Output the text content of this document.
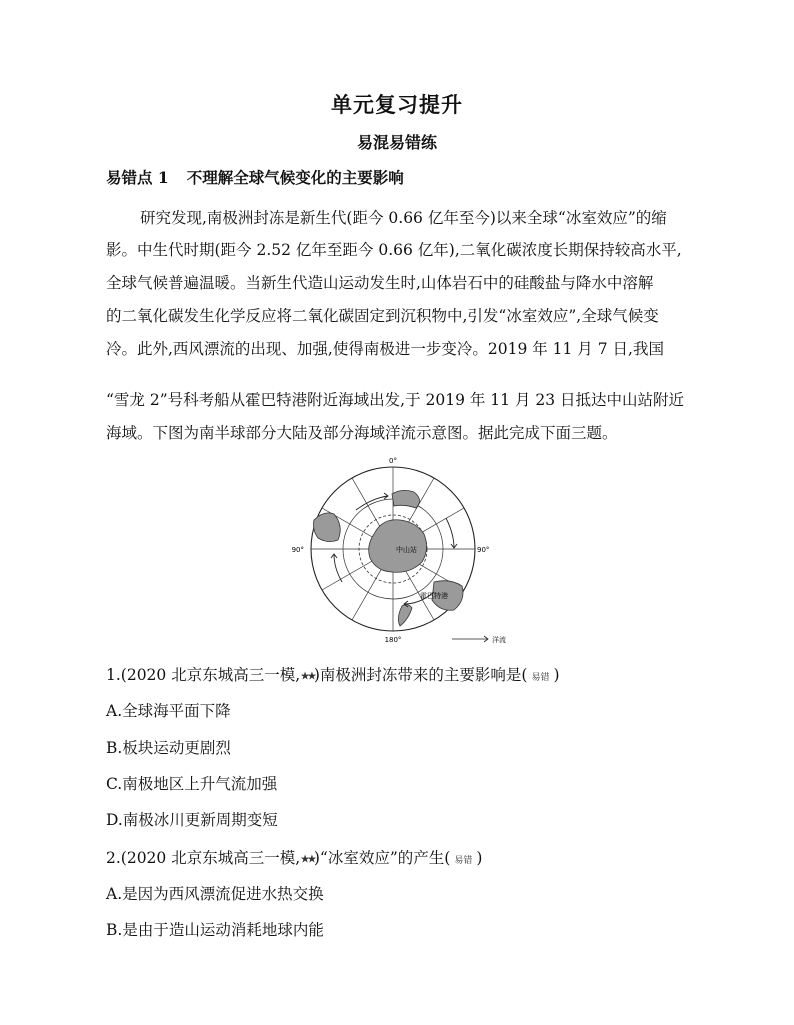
单元复习提升
易混易错练
易错点 1 不理解全球气候变化的主要影响
研究发现,南极洲封冻是新生代(距今 0.66 亿年至今)以来全球“冰室效应”的缩
影。中生代时期(距今 2.52 亿年至距今 0.66 亿年),二氧化碳浓度长期保持较高水平,
全球气候普遍温暖。当新生代造山运动发生时,山体岩石中的硅酸盐与降水中溶解
的二氧化碳发生化学反应将二氧化碳固定到沉积物中,引发“冰室效应”,全球气候变
冷。此外,西风漂流的出现、加强,使得南极进一步变冷。2019 年 11 月 7 日,我国
“雪龙 2”号科考船从霍巴特港附近海域出发,于 2019 年 11 月 23 日抵达中山站附近
海域。下图为南半球部分大陆及部分海域洋流示意图。据此完成下面三题。
0°
90°	90°
180°
中山站
霍巴特港
洋流
1.(2020 北京东城高三一模,★★)南极洲封冻带来的主要影响是( 易错 )
A.全球海平面下降
B.板块运动更剧烈
C.南极地区上升气流加强
D.南极冰川更新周期变短
2.(2020 北京东城高三一模,★★)“冰室效应”的产生( 易错 )
A.是因为西风漂流促进水热交换
B.是由于造山运动消耗地球内能
